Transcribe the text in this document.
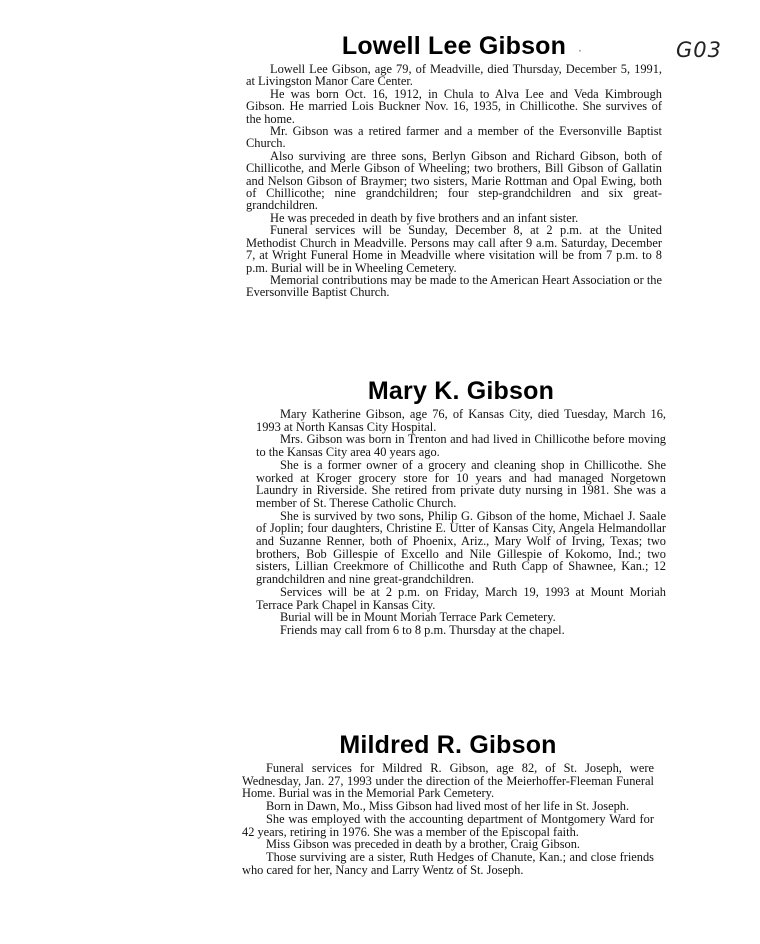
G03
·
Lowell Lee Gibson

Lowell Lee Gibson, age 79, of Meadville, died Thursday, December 5, 1991, at Livingston Manor Care Center.

He was born Oct. 16, 1912, in Chula to Alva Lee and Veda Kimbrough Gibson. He married Lois Buckner Nov. 16, 1935, in Chillicothe. She survives of the home.

Mr. Gibson was a retired farmer and a member of the Eversonville Baptist Church.

Also surviving are three sons, Berlyn Gibson and Richard Gibson, both of Chillicothe, and Merle Gibson of Wheeling; two brothers, Bill Gibson of Gallatin and Nelson Gibson of Braymer; two sisters, Marie Rottman and Opal Ewing, both of Chillicothe; nine grandchildren; four step-grandchildren and six great-grandchildren.

He was preceded in death by five brothers and an infant sister.

Funeral services will be Sunday, December 8, at 2 p.m. at the United Methodist Church in Meadville. Persons may call after 9 a.m. Saturday, December 7, at Wright Funeral Home in Meadville where visitation will be from 7 p.m. to 8 p.m. Burial will be in Wheeling Cemetery.

Memorial contributions may be made to the American Heart Association or the Eversonville Baptist Church.

Mary K. Gibson

Mary Katherine Gibson, age 76, of Kansas City, died Tuesday, March 16, 1993 at North Kansas City Hospital.

Mrs. Gibson was born in Trenton and had lived in Chillicothe before moving to the Kansas City area 40 years ago.

She is a former owner of a grocery and cleaning shop in Chillicothe. She worked at Kroger grocery store for 10 years and had managed Norgetown Laundry in Riverside. She retired from private duty nursing in 1981. She was a member of St. Therese Catholic Church.

She is survived by two sons, Philip G. Gibson of the home, Michael J. Saale of Joplin; four daughters, Christine E. Utter of Kansas City, Angela Helmandollar and Suzanne Renner, both of Phoenix, Ariz., Mary Wolf of Irving, Texas; two brothers, Bob Gillespie of Excello and Nile Gillespie of Kokomo, Ind.; two sisters, Lillian Creekmore of Chillicothe and Ruth Capp of Shawnee, Kan.; 12 grandchildren and nine great-grandchildren.

Services will be at 2 p.m. on Friday, March 19, 1993 at Mount Moriah Terrace Park Chapel in Kansas City.

Burial will be in Mount Moriah Terrace Park Cemetery.

Friends may call from 6 to 8 p.m. Thursday at the chapel.

Mildred R. Gibson

Funeral services for Mildred R. Gibson, age 82, of St. Joseph, were Wednesday, Jan. 27, 1993 under the direction of the Meierhoffer-Fleeman Funeral Home. Burial was in the Memorial Park Cemetery.

Born in Dawn, Mo., Miss Gibson had lived most of her life in St. Joseph.

She was employed with the accounting department of Montgomery Ward for 42 years, retiring in 1976. She was a member of the Episcopal faith.

Miss Gibson was preceded in death by a brother, Craig Gibson.

Those surviving are a sister, Ruth Hedges of Chanute, Kan.; and close friends who cared for her, Nancy and Larry Wentz of St. Joseph.
